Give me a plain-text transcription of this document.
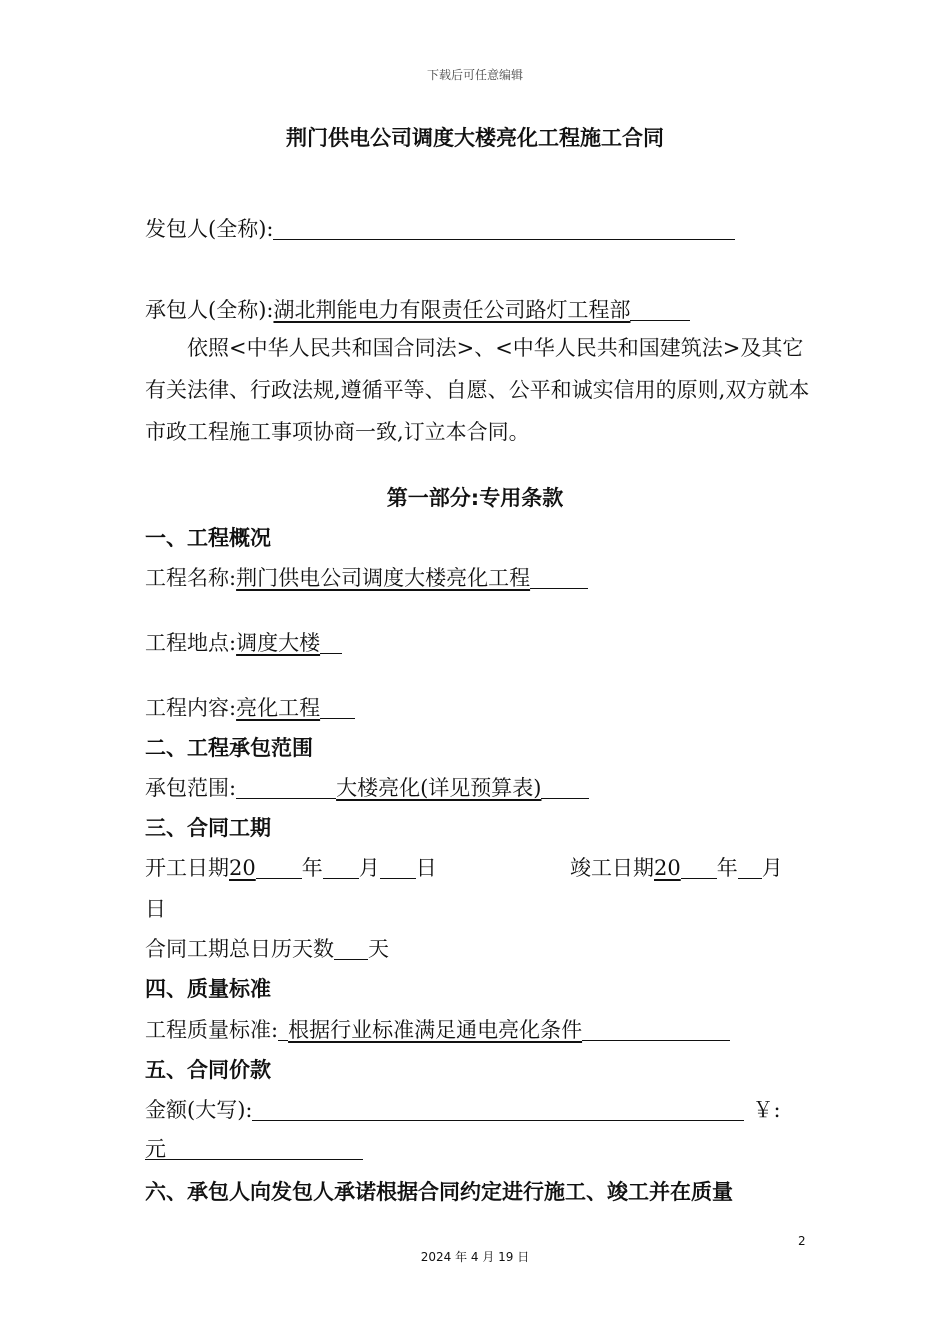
下载后可任意编辑
荆门供电公司调度大楼亮化工程施工合同
发包人(全称):
承包人(全称):湖北荆能电力有限责任公司路灯工程部
依照<中华人民共和国合同法>、<中华人民共和国建筑法>及其它有关法律、行政法规,遵循平等、自愿、公平和诚实信用的原则,双方就本市政工程施工事项协商一致,订立本合同。
第一部分:专用条款
一、工程概况
工程名称:荆门供电公司调度大楼亮化工程
工程地点:调度大楼
工程内容:亮化工程
二、工程承包范围
承包范围:	大楼亮化(详见预算表)
三、合同工期
开工日期20 年 月 日	竣工日期20 年 月
日
合同工期总日历天数 天
四、质量标准
工程质量标准: 根据行业标准满足通电亮化条件
五、合同价款
金额(大写):	￥:
元
六、承包人向发包人承诺根据合同约定进行施工、竣工并在质量
2
2024 年 4 月 19 日
